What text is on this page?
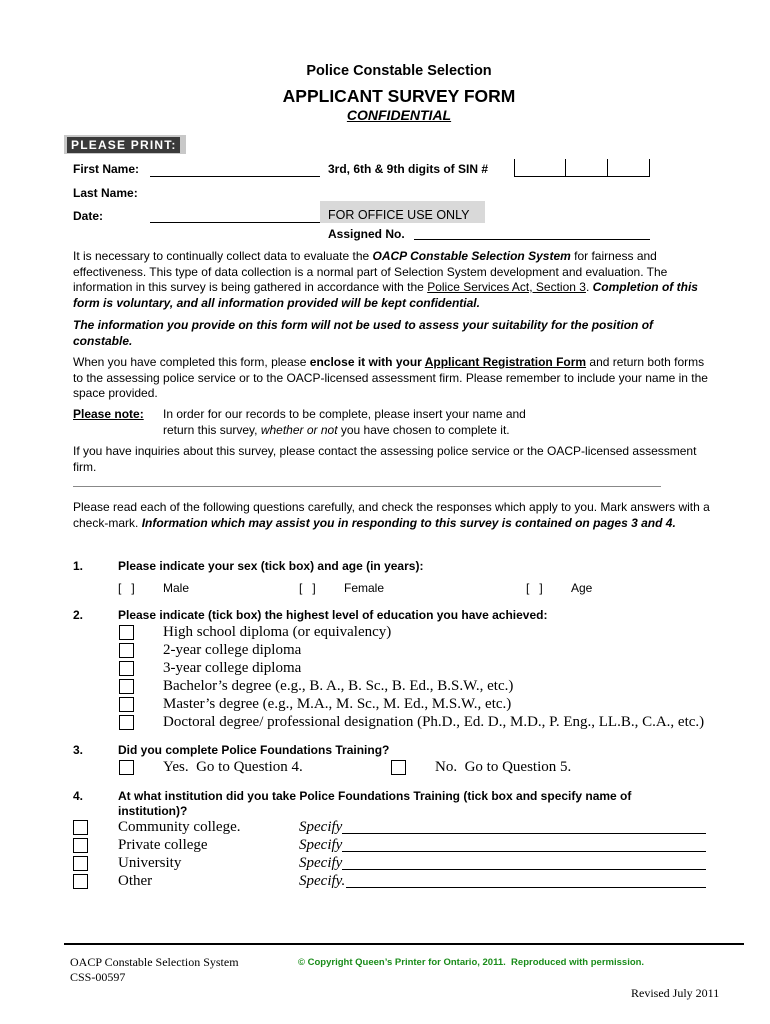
Police Constable Selection
APPLICANT SURVEY FORM
CONFIDENTIAL
PLEASE PRINT:
First Name:	3rd, 6th & 9th digits of SIN #
Last Name:
Date:	FOR OFFICE USE ONLY
Assigned No.
It is necessary to continually collect data to evaluate the OACP Constable Selection System for fairness and effectiveness. This type of data collection is a normal part of Selection System development and evaluation. The information in this survey is being gathered in accordance with the Police Services Act, Section 3. Completion of this form is voluntary, and all information provided will be kept confidential.
The information you provide on this form will not be used to assess your suitability for the position of constable.
When you have completed this form, please enclose it with your Applicant Registration Form and return both forms to the assessing police service or to the OACP-licensed assessment firm. Please remember to include your name in the space provided.
Please note: In order for our records to be complete, please insert your name and
return this survey, whether or not you have chosen to complete it.
If you have inquiries about this survey, please contact the assessing police service or the OACP-licensed assessment firm.
Please read each of the following questions carefully, and check the responses which apply to you. Mark answers with a check-mark. Information which may assist you in responding to this survey is contained on pages 3 and 4.
1.	Please indicate your sex (tick box) and age (in years):
[   ] Male	[   ] Female	[   ] Age
2.	Please indicate (tick box) the highest level of education you have achieved:
High school diploma (or equivalency)
2-year college diploma
3-year college diploma
Bachelor’s degree (e.g., B. A., B. Sc., B. Ed., B.S.W., etc.)
Master’s degree (e.g., M.A., M. Sc., M. Ed., M.S.W., etc.)
Doctoral degree/ professional designation (Ph.D., Ed. D., M.D., P. Eng., LL.B., C.A., etc.)
3.	Did you complete Police Foundations Training?
Yes.  Go to Question 4.	No.  Go to Question 5.
4.	At what institution did you take Police Foundations Training (tick box and specify name of institution)?
Community college.	Specify
Private college	Specify
University	Specify
Other	Specify.
OACP Constable Selection System
CSS-00597
© Copyright Queen’s Printer for Ontario, 2011.  Reproduced with permission.
Revised July 2011
